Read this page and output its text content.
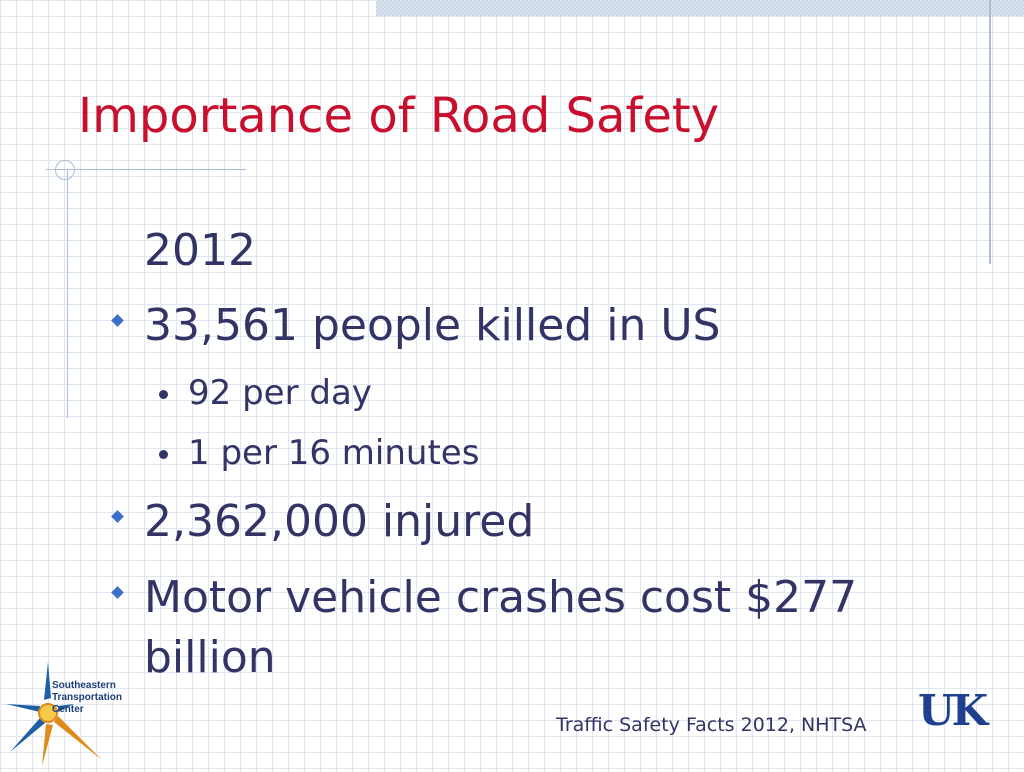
Importance of Road Safety
2012
33,561 people killed in US
92 per day
1 per 16 minutes
2,362,000 injured
Motor vehicle crashes cost $277
billion
Traffic Safety Facts 2012, NHTSA
Southeastern
Transportation
Center	UK
